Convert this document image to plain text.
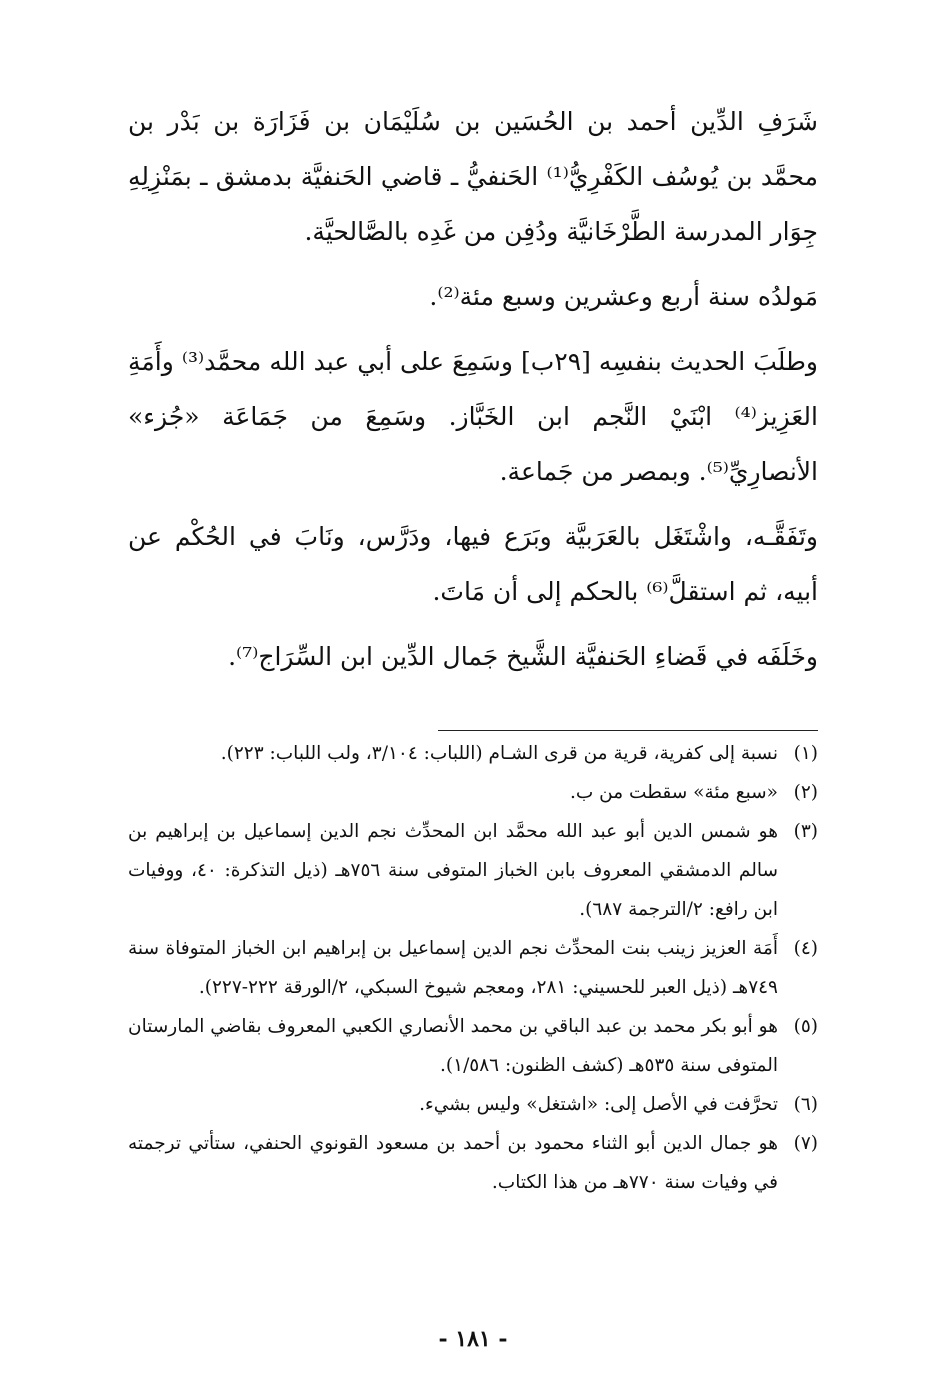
شَرَفِ الدِّين أحمد بن الحُسَين بن سُلَيْمَان بن فَزَارَة بن بَدْر بن محمَّد بن يُوسُف الكَفْرِيُّ⁽¹⁾ الحَنفيُّ ـ قاضي الحَنفيَّة بدمشق ـ بمَنْزِلِهِ جِوَار المدرسة الطَّرْخَانيَّة ودُفِن من غَدِه بالصَّالحيَّة.

مَولدُه سنة أربع وعشرين وسبع مئة⁽²⁾.

وطلَبَ الحديث بنفسِه [٢٩ب] وسَمِعَ على أبي عبد الله محمَّد⁽³⁾ وأَمَةِ العَزِيز⁽⁴⁾ ابْنَيْ النَّجم ابن الخَبَّاز. وسَمِعَ من جَمَاعَة «جُزء» الأنصارِيِّ⁽⁵⁾. وبمصر من جَماعة.

وتَفَقَّـه، واشْتَغَل بالعَرَبيَّة وبَرَع فيها، ودَرَّس، ونَابَ في الحُكْم عن أبيه، ثم استقلَّ⁽⁶⁾ بالحكم إلى أن مَاتَ.

وخَلَفَه في قَضاءِ الحَنفيَّة الشَّيخ جَمال الدِّين ابن السِّرَاج⁽⁷⁾.

(١)
نسبة إلى كفرية، قرية من قرى الشـام (اللباب: ٣/١٠٤، ولب اللباب: ٢٢٣).
(٢)
«سبع مئة» سقطت من ب.
(٣)
هو شمس الدين أبو عبد الله محمَّد ابن المحدِّث نجم الدين إسماعيل بن إبراهيم بن سالم الدمشقي المعروف بابن الخباز المتوفى سنة ٧٥٦هـ (ذيل التذكرة: ٤٠، ووفيات ابن رافع: ٢/الترجمة ٦٨٧).
(٤)
أَمَة العزيز زينب بنت المحدِّث نجم الدين إسماعيل بن إبراهيم ابن الخباز المتوفاة سنة ٧٤٩هـ (ذيل العبر للحسيني: ٢٨١، ومعجم شيوخ السبكي، ٢/الورقة ٢٢٢-٢٢٧).
(٥)
هو أبو بكر محمد بن عبد الباقي بن محمد الأنصاري الكعبي المعروف بقاضي المارستان المتوفى سنة ٥٣٥هـ (كشف الظنون: ١/٥٨٦).
(٦)
تحرَّفت في الأصل إلى: «اشتغل» وليس بشيء.
(٧)
هو جمال الدين أبو الثناء محمود بن أحمد بن مسعود القونوي الحنفي، ستأتي ترجمته في وفيات سنة ٧٧٠هـ من هذا الكتاب.
- ١٨١ -
